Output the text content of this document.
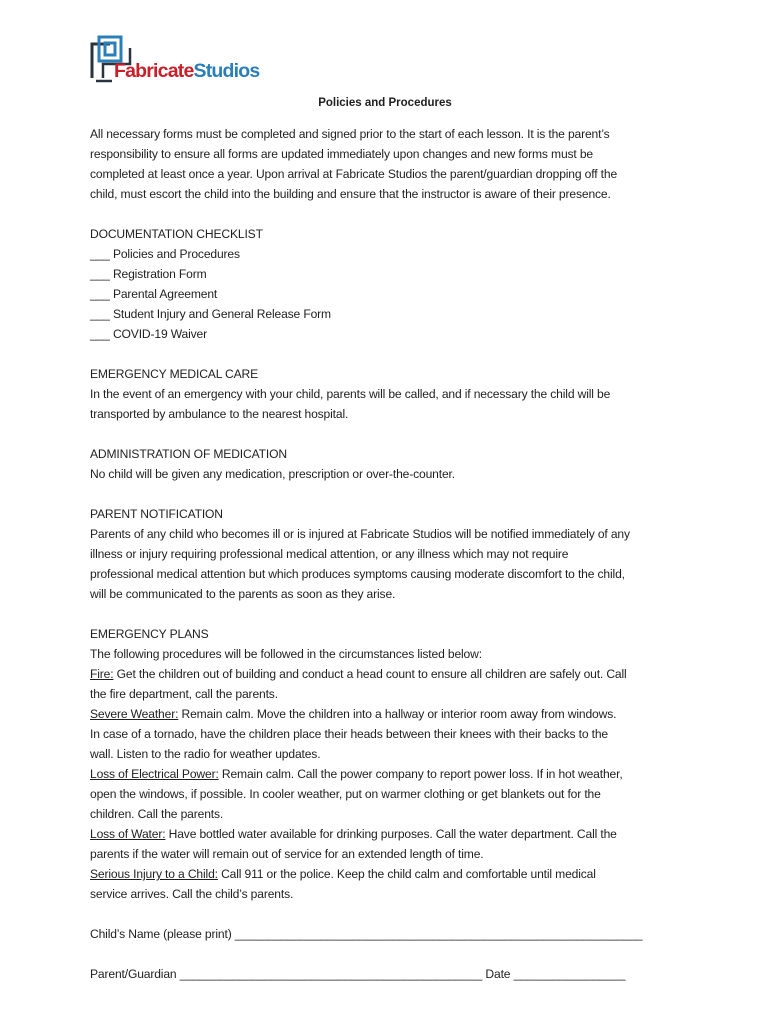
FabricateStudios
Policies and Procedures

All necessary forms must be completed and signed prior to the start of each lesson. It is the parent’s

responsibility to ensure all forms are updated immediately upon changes and new forms must be

completed at least once a year. Upon arrival at Fabricate Studios the parent/guardian dropping off the

child, must escort the child into the building and ensure that the instructor is aware of their presence.

DOCUMENTATION CHECKLIST

___ Policies and Procedures

___ Registration Form

___ Parental Agreement

___ Student Injury and General Release Form

___ COVID-19 Waiver

EMERGENCY MEDICAL CARE

In the event of an emergency with your child, parents will be called, and if necessary the child will be

transported by ambulance to the nearest hospital.

ADMINISTRATION OF MEDICATION

No child will be given any medication, prescription or over-the-counter.

PARENT NOTIFICATION

Parents of any child who becomes ill or is injured at Fabricate Studios will be notified immediately of any

illness or injury requiring professional medical attention, or any illness which may not require

professional medical attention but which produces symptoms causing moderate discomfort to the child,

will be communicated to the parents as soon as they arise.

EMERGENCY PLANS

The following procedures will be followed in the circumstances listed below:

Fire: Get the children out of building and conduct a head count to ensure all children are safely out. Call

the fire department, call the parents.

Severe Weather: Remain calm. Move the children into a hallway or interior room away from windows.

In case of a tornado, have the children place their heads between their knees with their backs to the

wall. Listen to the radio for weather updates.

Loss of Electrical Power: Remain calm. Call the power company to report power loss. If in hot weather,

open the windows, if possible. In cooler weather, put on warmer clothing or get blankets out for the

children. Call the parents.

Loss of Water: Have bottled water available for drinking purposes. Call the water department. Call the

parents if the water will remain out of service for an extended length of time.

Serious Injury to a Child: Call 911 or the police. Keep the child calm and comfortable until medical

service arrives. Call the child’s parents.

Child’s Name (please print) ______________________________________________________________

Parent/Guardian ______________________________________________ Date _________________
